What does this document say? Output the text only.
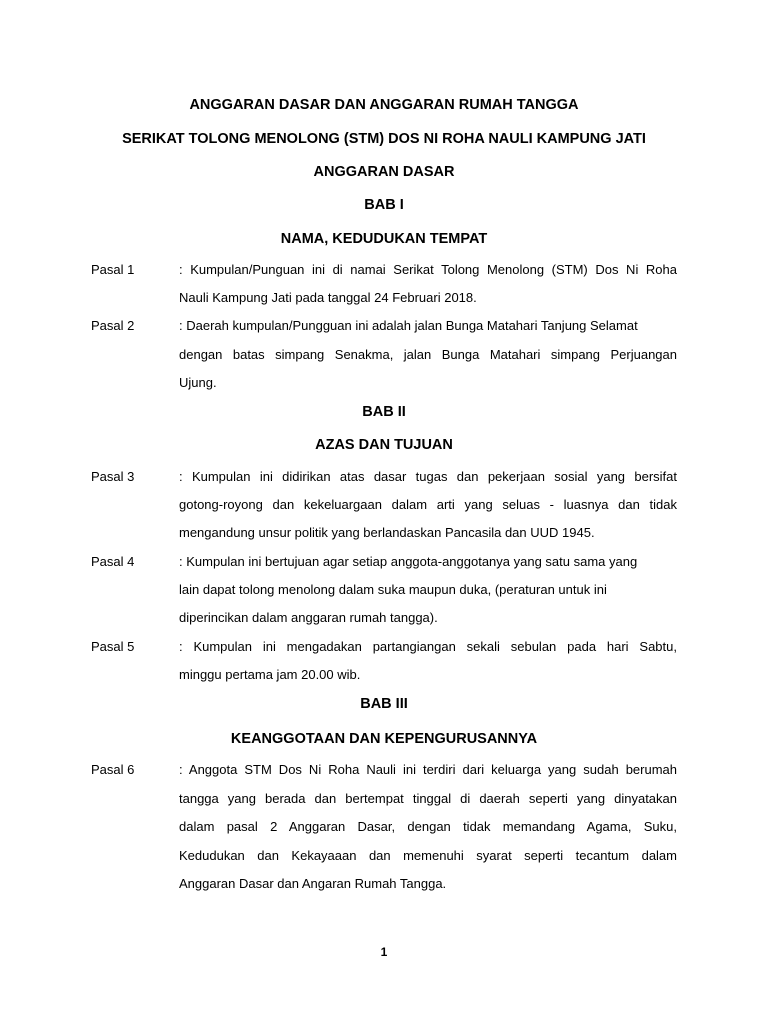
ANGGARAN DASAR DAN ANGGARAN RUMAH TANGGA
SERIKAT TOLONG MENOLONG (STM) DOS NI ROHA NAULI KAMPUNG JATI
ANGGARAN DASAR
BAB I
NAMA, KEDUDUKAN TEMPAT
Pasal 1	: Kumpulan/Punguan ini di namai Serikat Tolong Menolong (STM) Dos Ni Roha
Nauli Kampung Jati pada tanggal 24 Februari 2018.
Pasal 2	: Daerah kumpulan/Pungguan ini adalah jalan Bunga Matahari Tanjung Selamat
dengan batas simpang Senakma, jalan Bunga Matahari simpang Perjuangan
Ujung.
BAB II
AZAS DAN TUJUAN
Pasal 3	: Kumpulan ini didirikan atas dasar tugas dan pekerjaan sosial yang bersifat
gotong-royong dan kekeluargaan dalam arti yang seluas - luasnya dan tidak
mengandung unsur politik yang berlandaskan Pancasila dan UUD 1945.
Pasal 4	: Kumpulan ini bertujuan agar setiap anggota-anggotanya yang satu sama yang
lain dapat tolong menolong dalam suka maupun duka, (peraturan untuk ini
diperincikan dalam anggaran rumah tangga).
Pasal 5	: Kumpulan ini mengadakan partangiangan sekali sebulan pada hari Sabtu,
minggu pertama jam 20.00 wib.
BAB III
KEANGGOTAAN DAN KEPENGURUSANNYA
Pasal 6	: Anggota STM Dos Ni Roha Nauli ini terdiri dari keluarga yang sudah berumah
tangga yang berada dan bertempat tinggal di daerah seperti yang dinyatakan
dalam pasal 2 Anggaran Dasar, dengan tidak memandang Agama, Suku,
Kedudukan dan Kekayaaan dan memenuhi syarat seperti tecantum dalam
Anggaran Dasar dan Angaran Rumah Tangga.
1
